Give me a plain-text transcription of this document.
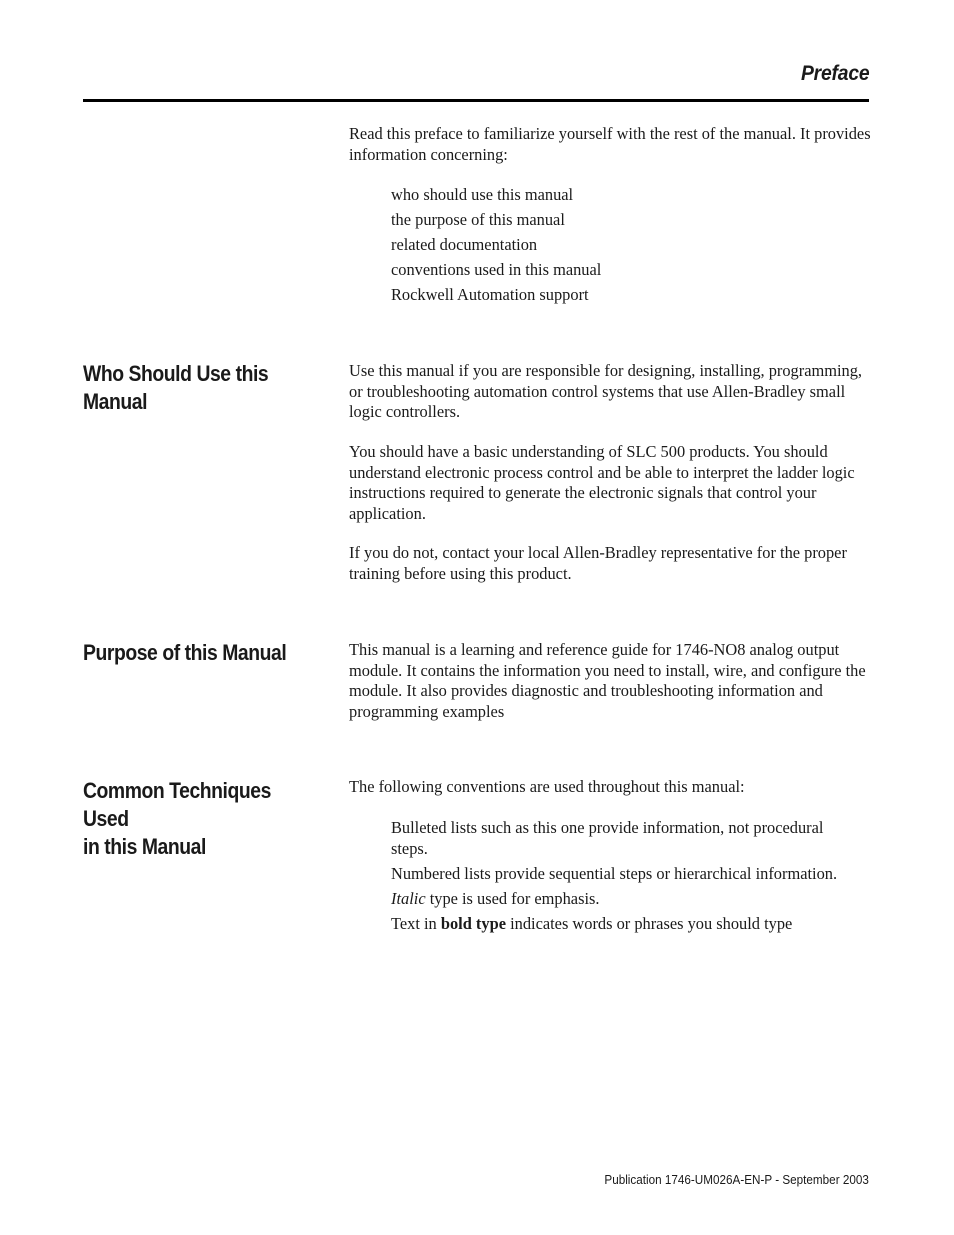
Preface

Read this preface to familiarize yourself with the rest of the manual. It provides information concerning:

who should use this manual
the purpose of this manual
related documentation
conventions used in this manual
Rockwell Automation support
Who Should Use this
Manual

Use this manual if you are responsible for designing, installing, programming, or troubleshooting automation control systems that use Allen-Bradley small logic controllers.

You should have a basic understanding of SLC 500 products. You should understand electronic process control and be able to interpret the ladder logic instructions required to generate the electronic signals that control your application.

If you do not, contact your local Allen-Bradley representative for the proper training before using this product.

Purpose of this Manual	This manual is a learning and reference guide for 1746-NO8 analog output module. It contains the information you need to install, wire, and configure the module. It also provides diagnostic and troubleshooting information and programming examples

Common Techniques Used
in this Manual

The following conventions are used throughout this manual:

Bulleted lists such as this one provide information, not procedural steps.
Numbered lists provide sequential steps or hierarchical information.
Italic type is used for emphasis.
Text in bold type indicates words or phrases you should type
Publication 1746-UM026A-EN-P - September 2003
